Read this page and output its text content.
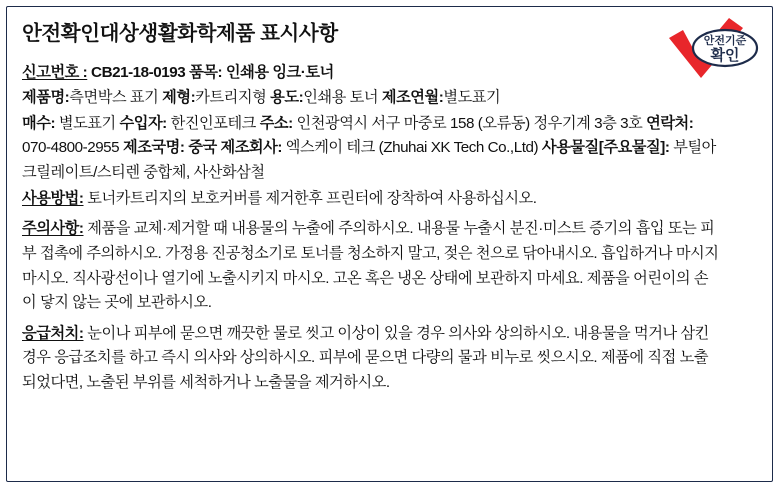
안전기준
확인
안전확인대상생활화학제품 표시사항
신고번호 : CB21-18-0193 품목: 인쇄용 잉크·토너
제품명:측면박스 표기 제형:카트리지형 용도:인쇄용 토너 제조연월:별도표기
매수: 별도표기 수입자: 한진인포테크 주소: 인천광역시 서구 마중로 158 (오류동) 정우기계 3층 3호 연락처: 070-4800-2955 제조국명: 중국 제조회사: 엑스케이 테크 (Zhuhai XK Tech Co.,Ltd) 사용물질[주요물질]: 부틸아크릴레이트/스티렌 중합체, 사산화삼철
사용방법: 토너카트리지의 보호커버를 제거한후 프린터에 장착하여 사용하십시오.
주의사항: 제품을 교체·제거할 때 내용물의 누출에 주의하시오. 내용물 누출시 분진·미스트 증기의 흡입 또는 피부 접촉에 주의하시오. 가정용 진공청소기로 토너를 청소하지 말고, 젖은 천으로 닦아내시오. 흡입하거나 마시지 마시오. 직사광선이나 열기에 노출시키지 마시오. 고온 혹은 냉온 상태에 보관하지 마세요. 제품을 어린이의 손이 닿지 않는 곳에 보관하시오.
응급처치: 눈이나 피부에 묻으면 깨끗한 물로 씻고 이상이 있을 경우 의사와 상의하시오. 내용물을 먹거나 삼킨 경우 응급조치를 하고 즉시 의사와 상의하시오. 피부에 묻으면 다량의 물과 비누로 씻으시오. 제품에 직접 노출 되었다면, 노출된 부위를 세척하거나 노출물을 제거하시오.
